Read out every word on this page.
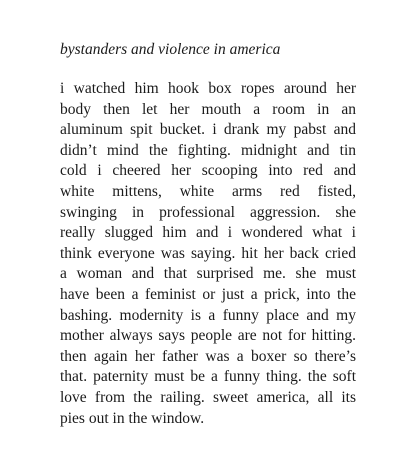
bystanders and violence in america
i watched him hook box ropes around her
body then let her mouth a room in an
aluminum spit bucket. i drank my pabst and
didn’t mind the fighting. midnight and tin
cold i cheered her scooping into red and
white mittens, white arms red fisted,
swinging in professional aggression. she
really slugged him and i wondered what i
think everyone was saying. hit her back cried
a woman and that surprised me. she must
have been a feminist or just a prick, into the
bashing. modernity is a funny place and my
mother always says people are not for hitting.
then again her father was a boxer so there’s
that. paternity must be a funny thing. the soft
love from the railing. sweet america, all its
pies out in the window.
